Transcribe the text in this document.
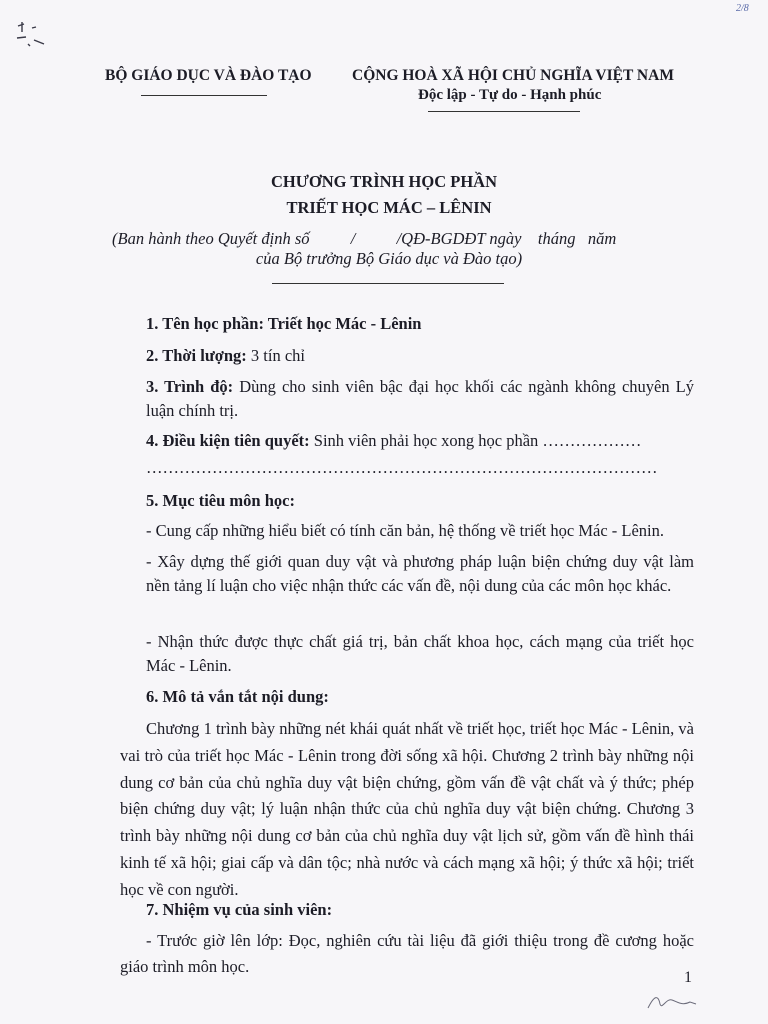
2/8
BỘ GIÁO DỤC VÀ ĐÀO TẠO	CỘNG HOÀ XÃ HỘI CHỦ NGHĨA VIỆT NAM
Độc lập - Tự do - Hạnh phúc
CHƯƠNG TRÌNH HỌC PHẦN
TRIẾT HỌC MÁC – LÊNIN
(Ban hành theo Quyết định số          /          /QĐ-BGDĐT ngày    tháng   năm
của Bộ trưởng Bộ Giáo dục và Đào tạo)
1. Tên học phần: Triết học Mác - Lênin
2. Thời lượng: 3 tín chỉ
3. Trình độ: Dùng cho sinh viên bậc đại học khối các ngành không chuyên Lý luận chính trị.
4. Điều kiện tiên quyết: Sinh viên phải học xong học phần ………………
…………………………………………………………………………………
5. Mục tiêu môn học:
- Cung cấp những hiểu biết có tính căn bản, hệ thống về triết học Mác - Lênin.
- Xây dựng thế giới quan duy vật và phương pháp luận biện chứng duy vật làm nền tảng lí luận cho việc nhận thức các vấn đề, nội dung của các môn học khác.
- Nhận thức được thực chất giá trị, bản chất khoa học, cách mạng của triết học Mác - Lênin.
6. Mô tả vắn tắt nội dung:
Chương 1 trình bày những nét khái quát nhất về triết học, triết học Mác - Lênin, và vai trò của triết học Mác - Lênin trong đời sống xã hội. Chương 2 trình bày những nội dung cơ bản của chủ nghĩa duy vật biện chứng, gồm vấn đề vật chất và ý thức; phép biện chứng duy vật; lý luận nhận thức của chủ nghĩa duy vật biện chứng. Chương 3 trình bày những nội dung cơ bản của chủ nghĩa duy vật lịch sử, gồm vấn đề hình thái kinh tế xã hội; giai cấp và dân tộc; nhà nước và cách mạng xã hội; ý thức xã hội; triết học về con người.
7. Nhiệm vụ của sinh viên:
- Trước giờ lên lớp: Đọc, nghiên cứu tài liệu đã giới thiệu trong đề cương hoặc giáo trình môn học.
1
